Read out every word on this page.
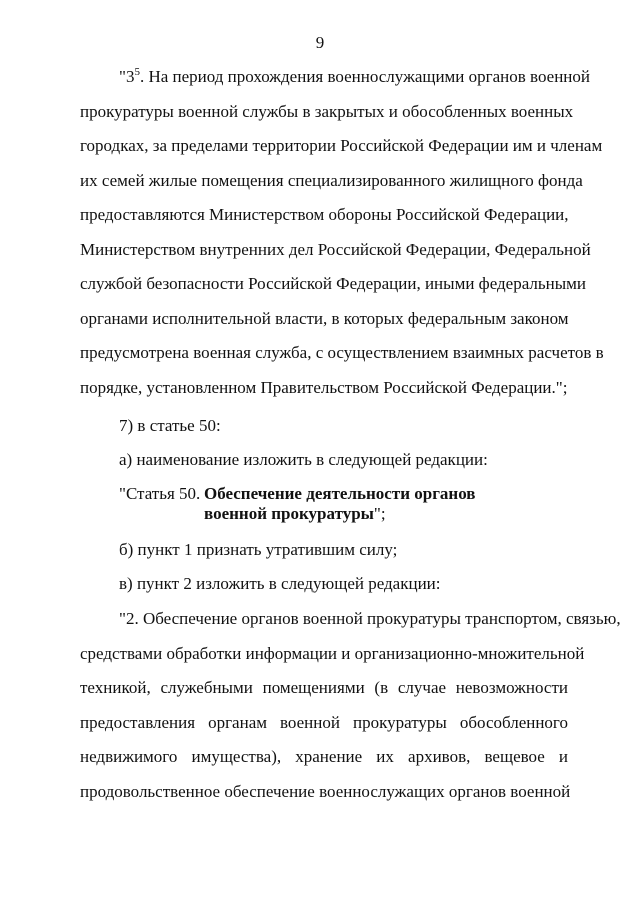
9
"$3^5$. На период прохождения военнослужащими органов военной
прокуратуры военной службы в закрытых и обособленных военных
городках, за пределами территории Российской Федерации им и членам
их семей жилые помещения специализированного жилищного фонда
предоставляются Министерством обороны Российской Федерации,
Министерством внутренних дел Российской Федерации, Федеральной
службой безопасности Российской Федерации, иными федеральными
органами исполнительной власти, в которых федеральным законом
предусмотрена военная служба, с осуществлением взаимных расчетов в
порядке, установленном Правительством Российской Федерации.";
7) в статье 50:
а) наименование изложить в следующей редакции:
"Статья 50. Обеспечение деятельности органов
военной прокуратуры";
б) пункт 1 признать утратившим силу;
в) пункт 2 изложить в следующей редакции:
"2. Обеспечение органов военной прокуратуры транспортом, связью,
средствами обработки информации и организационно-множительной
техникой, служебными помещениями (в случае невозможности
предоставления органам военной прокуратуры обособленного
недвижимого имущества), хранение их архивов, вещевое и
продовольственное обеспечение военнослужащих органов военной
